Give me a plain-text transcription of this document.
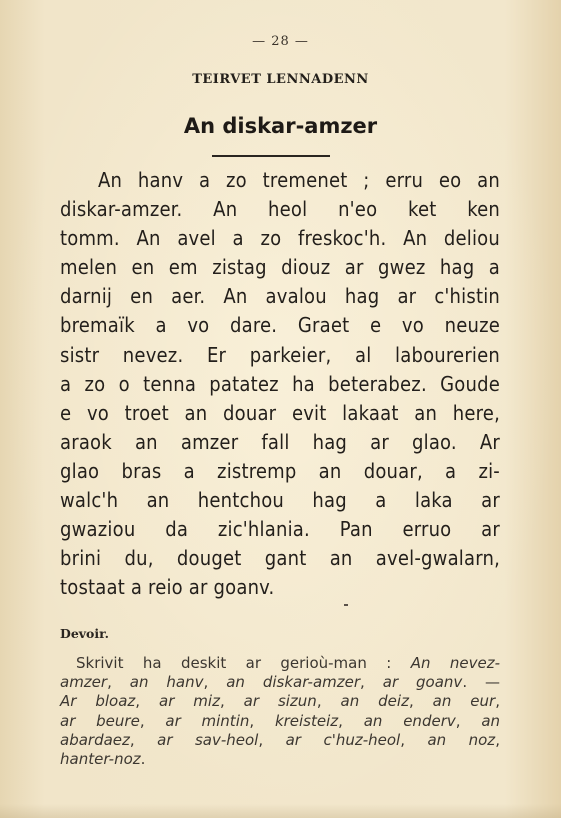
— 28 —
TEIRVET LENNADENN
An diskar-amzer
An hanv a zo tremenet ; erru eo an
diskar-amzer. An heol n'eo ket ken
tomm. An avel a zo freskoc'h. An deliou
melen en em zistag diouz ar gwez hag a
darnij en aer. An avalou hag ar c'histin
bremaïk a vo dare. Graet e vo neuze
sistr nevez. Er parkeier, al labourerien
a zo o tenna patatez ha beterabez. Goude
e vo troet an douar evit lakaat an here,
araok an amzer fall hag ar glao. Ar
glao bras a zistremp an douar, a zi-
walc'h an hentchou hag a laka ar
gwaziou da zic'hlania. Pan erruo ar
brini du, douget gant an avel-gwalarn,
tostaat a reio ar goanv.
Devoir.
Skrivit ha deskit ar gerioù-man : An nevez-
amzer, an hanv, an diskar-amzer, ar goanv. —
Ar bloaz, ar miz, ar sizun, an deiz, an eur,
ar beure, ar mintin, kreisteiz, an enderv, an
abardaez, ar sav-heol, ar c'huz-heol, an noz,
hanter-noz.
